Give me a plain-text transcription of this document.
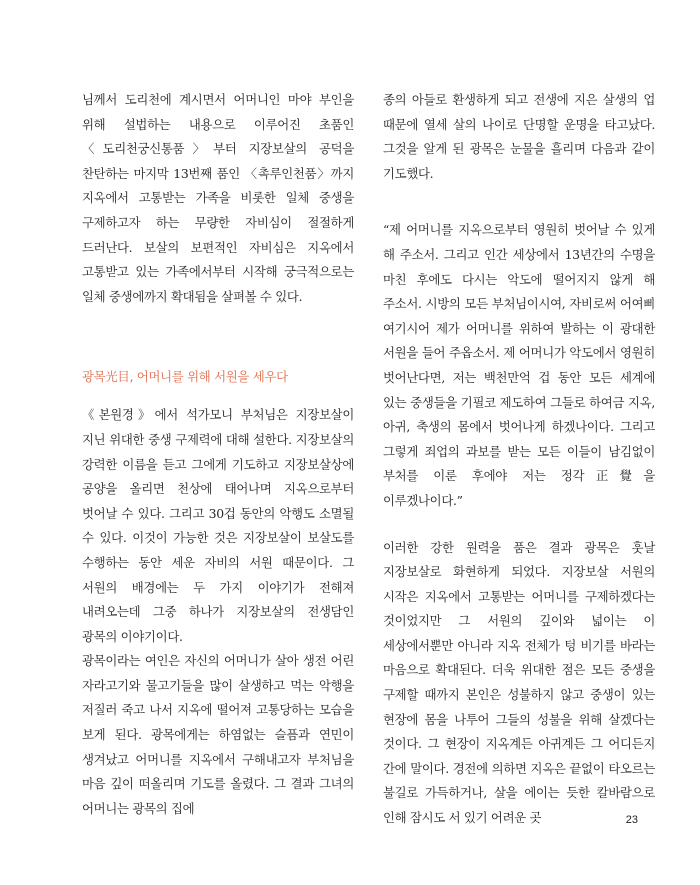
님께서 도리천에 계시면서 어머니인 마야 부인을 위해 설법하는 내용으로 이루어진 초품인 〈도리천궁신통품〉부터 지장보살의 공덕을 찬탄하는 마지막 13번째 품인 〈촉루인천품〉까지 지옥에서 고통받는 가족을 비롯한 일체 중생을 구제하고자 하는 무량한 자비심이 절절하게 드러난다. 보살의 보편적인 자비심은 지옥에서 고통받고 있는 가족에서부터 시작해 궁극적으로는 일체 중생에까지 확대됨을 살펴볼 수 있다.

광목光目, 어머니를 위해 서원을 세우다

《본원경》에서 석가모니 부처님은 지장보살이 지닌 위대한 중생 구제력에 대해 설한다. 지장보살의 강력한 이름을 듣고 그에게 기도하고 지장보살상에 공양을 올리면 천상에 태어나며 지옥으로부터 벗어날 수 있다. 그리고 30겁 동안의 악행도 소멸될 수 있다. 이것이 가능한 것은 지장보살이 보살도를 수행하는 동안 세운 자비의 서원 때문이다. 그 서원의 배경에는 두 가지 이야기가 전해져 내려오는데 그중 하나가 지장보살의 전생담인 광목의 이야기이다.

광목이라는 여인은 자신의 어머니가 살아 생전 어린 자라고기와 물고기들을 많이 살생하고 먹는 악행을 저질러 죽고 나서 지옥에 떨어져 고통당하는 모습을 보게 된다. 광목에게는 하염없는 슬픔과 연민이 생겨났고 어머니를 지옥에서 구해내고자 부처님을 마음 깊이 떠올리며 기도를 올렸다. 그 결과 그녀의 어머니는 광목의 집에

종의 아들로 환생하게 되고 전생에 지은 살생의 업 때문에 열세 살의 나이로 단명할 운명을 타고났다. 그것을 알게 된 광목은 눈물을 흘리며 다음과 같이 기도했다.

“제 어머니를 지옥으로부터 영원히 벗어날 수 있게 해 주소서. 그리고 인간 세상에서 13년간의 수명을 마친 후에도 다시는 악도에 떨어지지 않게 해 주소서. 시방의 모든 부처님이시여, 자비로써 어여삐 여기시어 제가 어머니를 위하여 발하는 이 광대한 서원을 들어 주옵소서. 제 어머니가 악도에서 영원히 벗어난다면, 저는 백천만억 겁 동안 모든 세계에 있는 중생들을 기필코 제도하여 그들로 하여금 지옥, 아귀, 축생의 몸에서 벗어나게 하겠나이다. 그리고 그렇게 죄업의 과보를 받는 모든 이들이 남김없이 부처를 이룬 후에야 저는 정각正覺을 이루겠나이다.”

이러한 강한 원력을 품은 결과 광목은 훗날 지장보살로 화현하게 되었다. 지장보살 서원의 시작은 지옥에서 고통받는 어머니를 구제하겠다는 것이었지만 그 서원의 깊이와 넓이는 이 세상에서뿐만 아니라 지옥 전체가 텅 비기를 바라는 마음으로 확대된다. 더욱 위대한 점은 모든 중생을 구제할 때까지 본인은 성불하지 않고 중생이 있는 현장에 몸을 나투어 그들의 성불을 위해 살겠다는 것이다. 그 현장이 지옥계든 아귀계든 그 어디든지 간에 말이다. 경전에 의하면 지옥은 끝없이 타오르는 불길로 가득하거나, 살을 에이는 듯한 칼바람으로 인해 잠시도 서 있기 어려운 곳	23
